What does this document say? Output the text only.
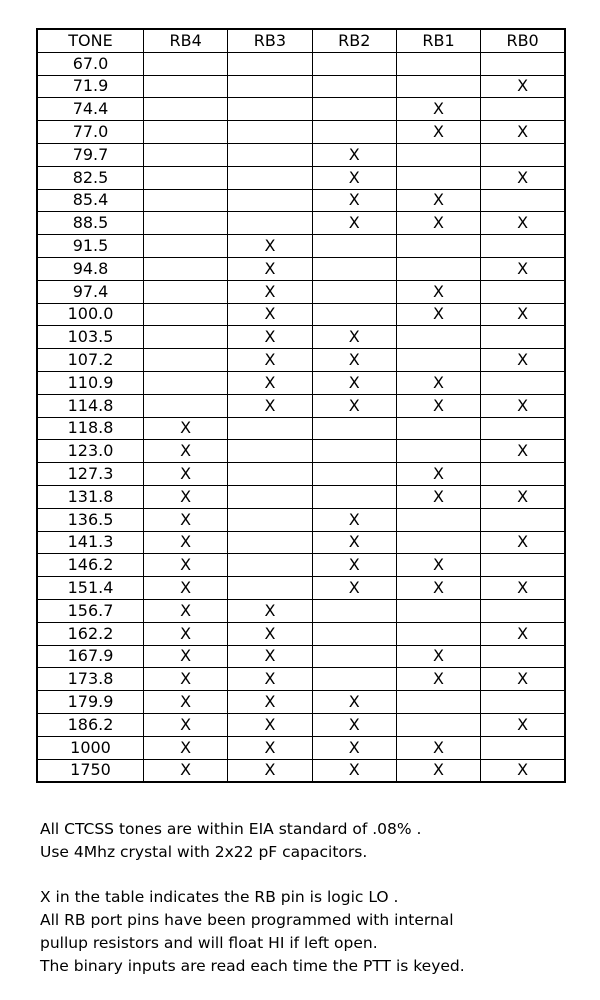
TONE	RB4	RB3	RB2	RB1	RB0
67.0					
71.9					X
74.4				X	
77.0				X	X
79.7			X		
82.5			X		X
85.4			X	X	
88.5			X	X	X
91.5		X			
94.8		X			X
97.4		X		X	
100.0		X		X	X
103.5		X	X		
107.2		X	X		X
110.9		X	X	X	
114.8		X	X	X	X
118.8	X				
123.0	X				X
127.3	X			X	
131.8	X			X	X
136.5	X		X		
141.3	X		X		X
146.2	X		X	X	
151.4	X		X	X	X
156.7	X	X			
162.2	X	X			X
167.9	X	X		X	
173.8	X	X		X	X
179.9	X	X	X		
186.2	X	X	X		X
1000	X	X	X	X	
1750	X	X	X	X	X
All CTCSS tones are within EIA standard of .08% .
Use 4Mhz crystal with 2x22 pF capacitors.
X in the table indicates the RB pin is logic LO .
All RB port pins have been programmed with internal
pullup resistors and will float HI if left open.
The binary inputs are read each time the PTT is keyed.
